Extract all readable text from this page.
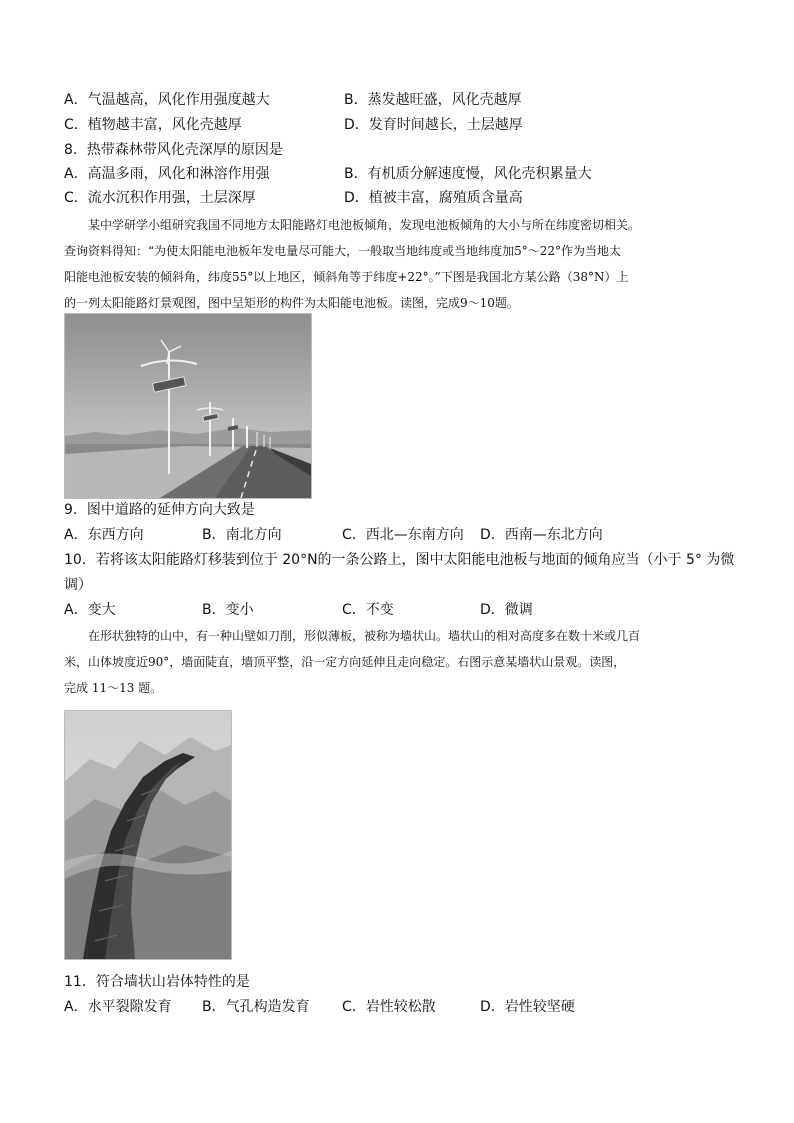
A．气温越高，风化作用强度越大	B．蒸发越旺盛，风化壳越厚
C．植物越丰富，风化壳越厚	D．发育时间越长，土层越厚
8．热带森林带风化壳深厚的原因是
A．高温多雨，风化和淋溶作用强	B．有机质分解速度慢，风化壳积累量大
C．流水沉积作用强，土层深厚	D．植被丰富，腐殖质含量高
某中学研学小组研究我国不同地方太阳能路灯电池板倾角，发现电池板倾角的大小与所在纬度密切相关。
查询资料得知：“为使太阳能电池板年发电量尽可能大，一般取当地纬度或当地纬度加5°～22°作为当地太
阳能电池板安装的倾斜角，纬度55°以上地区，倾斜角等于纬度+22°。”下图是我国北方某公路（38°N）上
的一列太阳能路灯景观图，图中呈矩形的构件为太阳能电池板。读图，完成9～10题。
9．图中道路的延伸方向大致是
A．东西方向	B．南北方向	C．西北—东南方向 D．西南—东北方向
10．若将该太阳能路灯移装到位于 20°N的一条公路上，图中太阳能电池板与地面的倾角应当（小于 5° 为微
调）
A．变大	B．变小	C．不变	D．微调
在形状独特的山中，有一种山壁如刀削，形似薄板，被称为墙状山。墙状山的相对高度多在数十米或几百
米，山体坡度近90°，墙面陡直，墙顶平整，沿一定方向延伸且走向稳定。右图示意某墙状山景观。读图，
完成 11～13 题。
11．符合墙状山岩体特性的是
A．水平裂隙发育 B．气孔构造发育 C．岩性较松散	D．岩性较坚硬
